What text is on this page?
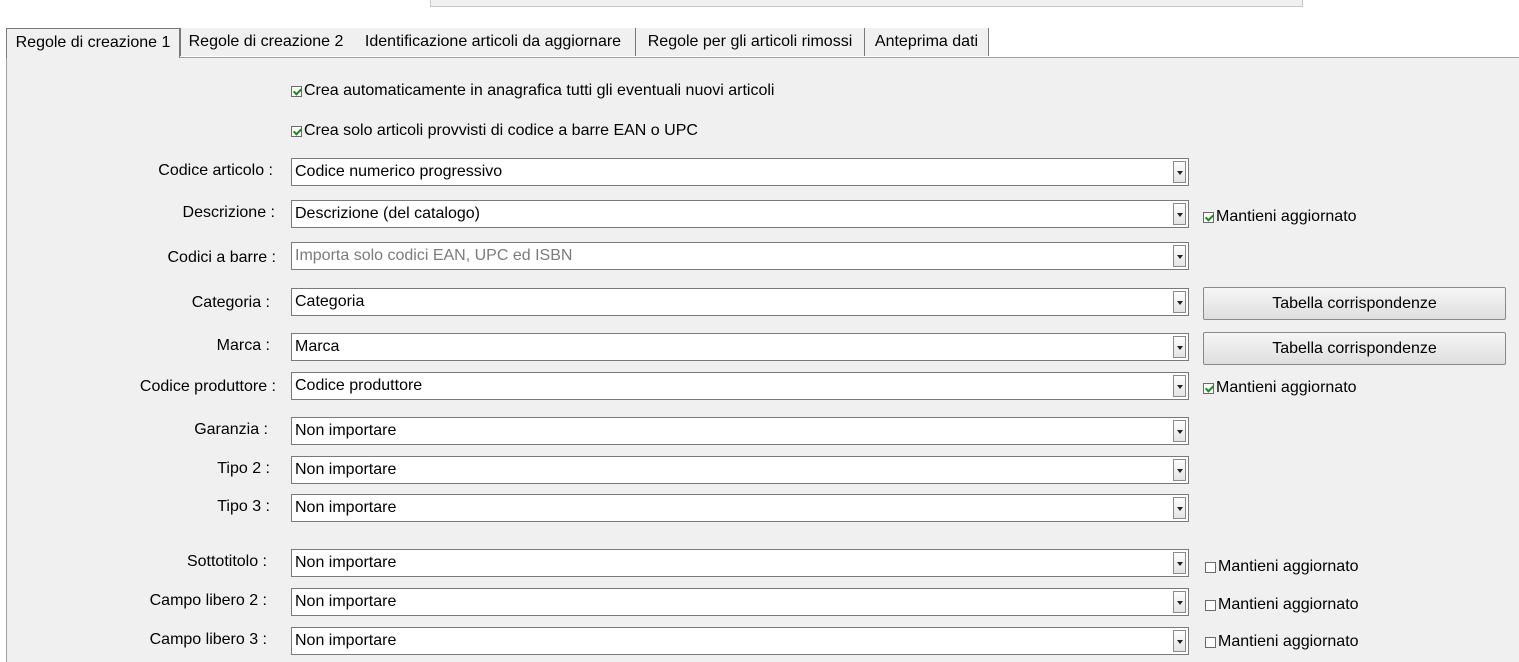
Regole di creazione 1	Regole di creazione 2	Identificazione articoli da aggiornare	Regole per gli articoli rimossi	Anteprima dati
Crea automaticamente in anagrafica tutti gli eventuali nuovi articoli
Crea solo articoli provvisti di codice a barre EAN o UPC
Codice articolo : Codice numerico progressivo
Descrizione : Descrizione (del catalogo)	Mantieni aggiornato
Codici a barre : Importa solo codici EAN, UPC ed ISBN
Categoria : Categoria	Tabella corrispondenze
Marca : Marca	Tabella corrispondenze
Codice produttore : Codice produttore	Mantieni aggiornato
Garanzia : Non importare
Tipo 2 : Non importare
Tipo 3 : Non importare
Sottotitolo : Non importare	Mantieni aggiornato
Campo libero 2 : Non importare	Mantieni aggiornato
Campo libero 3 : Non importare	Mantieni aggiornato
